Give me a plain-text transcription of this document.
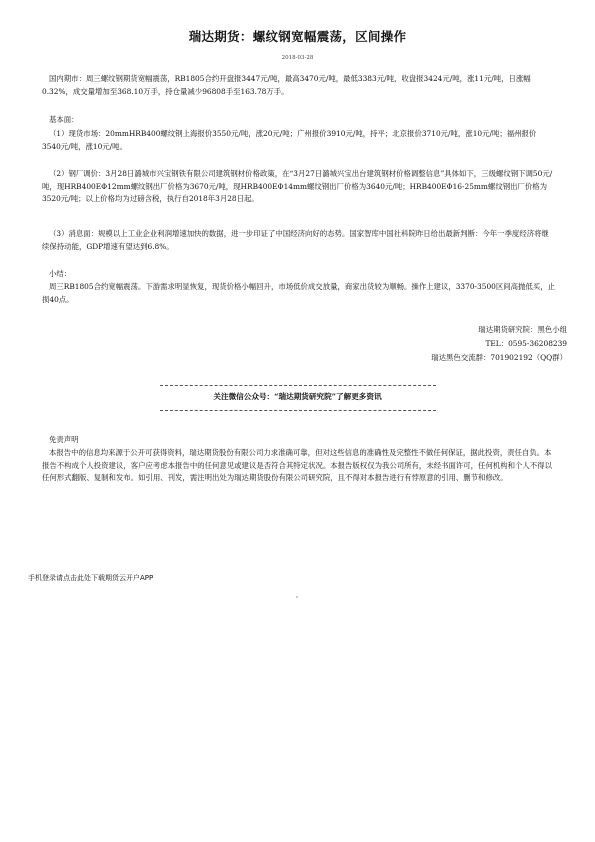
瑞达期货：螺纹钢宽幅震荡，区间操作
2018-03-28

国内期市：周三螺纹钢期货宽幅震荡，RB1805合约开盘报3447元/吨，最高3470元/吨，最低3383元/吨，收盘报3424元/吨，涨11元/吨，日涨幅0.32%，成交量增加至368.10万手，持仓量减少96808手至163.78万手。

基本面：

（1）现货市场：20mmHRB400螺纹钢上海报价3550元/吨，涨20元/吨；广州报价3910元/吨，持平；北京报价3710元/吨，涨10元/吨；福州报价3540元/吨，涨10元/吨。

（2）钢厂调价：3月28日潞城市兴宝钢铁有限公司建筑钢材价格政策，在“3月27日潞城兴宝出台建筑钢材价格调整信息”具体如下，三级螺纹钢下调50元/吨，现HRB400EΦ12mm螺纹钢出厂价格为3670元/吨，现HRB400EΦ14mm螺纹钢出厂价格为3640元/吨；HRB400EΦ16-25mm螺纹钢出厂价格为3520元/吨；以上价格均为过磅含税，执行自2018年3月28日起。

（3）消息面：规模以上工业企业利润增速加快的数据，进一步印证了中国经济向好的态势。国家智库中国社科院昨日给出最新判断：今年一季度经济将继续保持动能，GDP增速有望达到6.8%。

小结：

周三RB1805合约宽幅震荡。下游需求明显恢复，现货价格小幅回升，市场低价成交放量，商家出货较为顺畅。操作上建议，3370-3500区间高抛低买，止损40点。

瑞达期货研究院：黑色小组
TEL：0595-36208239
瑞达黑色交流群：701902192（QQ群）
关注微信公众号：“瑞达期货研究院”了解更多资讯

免责声明

本报告中的信息均来源于公开可获得资料，瑞达期货股份有限公司力求准确可靠，但对这些信息的准确性及完整性不做任何保证，据此投资，责任自负。本报告不构成个人投资建议，客户应考虑本报告中的任何意见或建议是否符合其特定状况。本报告版权仅为我公司所有，未经书面许可，任何机构和个人不得以任何形式翻版、复制和发布。如引用、刊发，需注明出处为瑞达期货股份有限公司研究院，且不得对本报告进行有悖原意的引用、删节和修改。

手机登录请点击此处下载期货云开户APP
